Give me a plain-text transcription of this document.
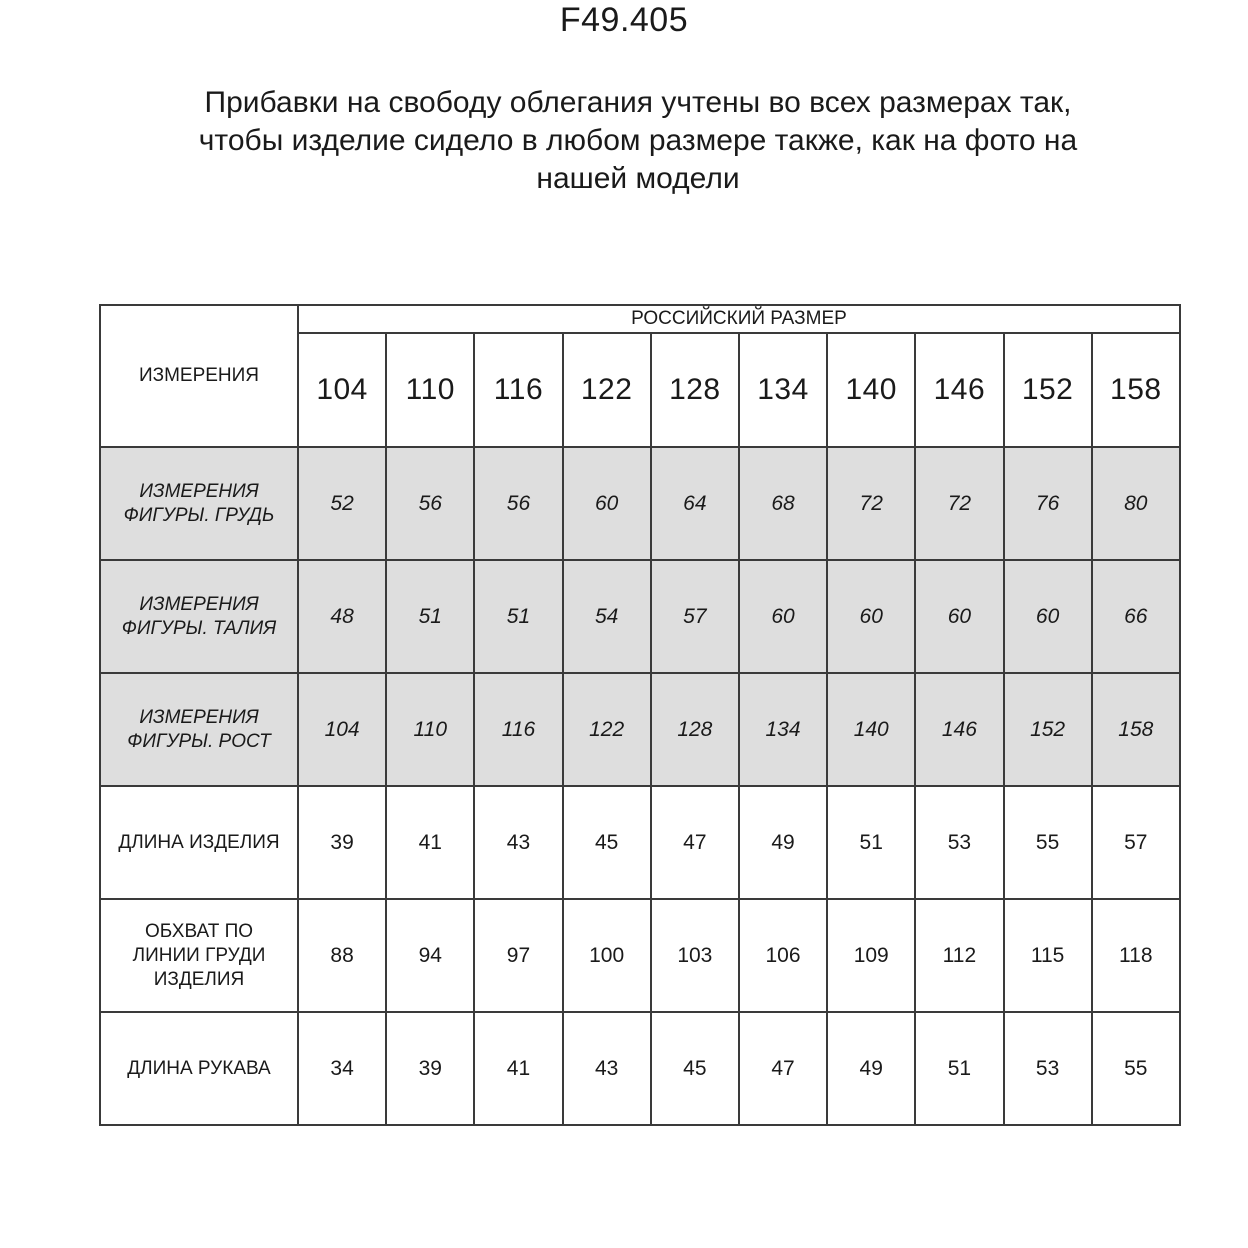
F49.405
Прибавки на свободу облегания учтены во всех размерах так,
чтобы изделие сидело в любом размере также, как на фото на
нашей модели
ИЗМЕРЕНИЯ	РОССИЙСКИЙ РАЗМЕР									
	104	110	116	122	128	134	140	146	152	158

ИЗМЕРЕНИЯ
ФИГУРЫ. ГРУДЬ	52	56	56	60	64	68	72	72	76	80

ИЗМЕРЕНИЯ
ФИГУРЫ. ТАЛИЯ	48	51	51	54	57	60	60	60	60	66

ИЗМЕРЕНИЯ
ФИГУРЫ. РОСТ	104	110	116	122	128	134	140	146	152	158

ДЛИНА ИЗДЕЛИЯ	39	41	43	45	47	49	51	53	55	57

ОБХВАТ ПО
ЛИНИИ ГРУДИ
ИЗДЕЛИЯ	88	94	97	100	103	106	109	112	115	118

ДЛИНА РУКАВА	34	39	41	43	45	47	49	51	53	55
